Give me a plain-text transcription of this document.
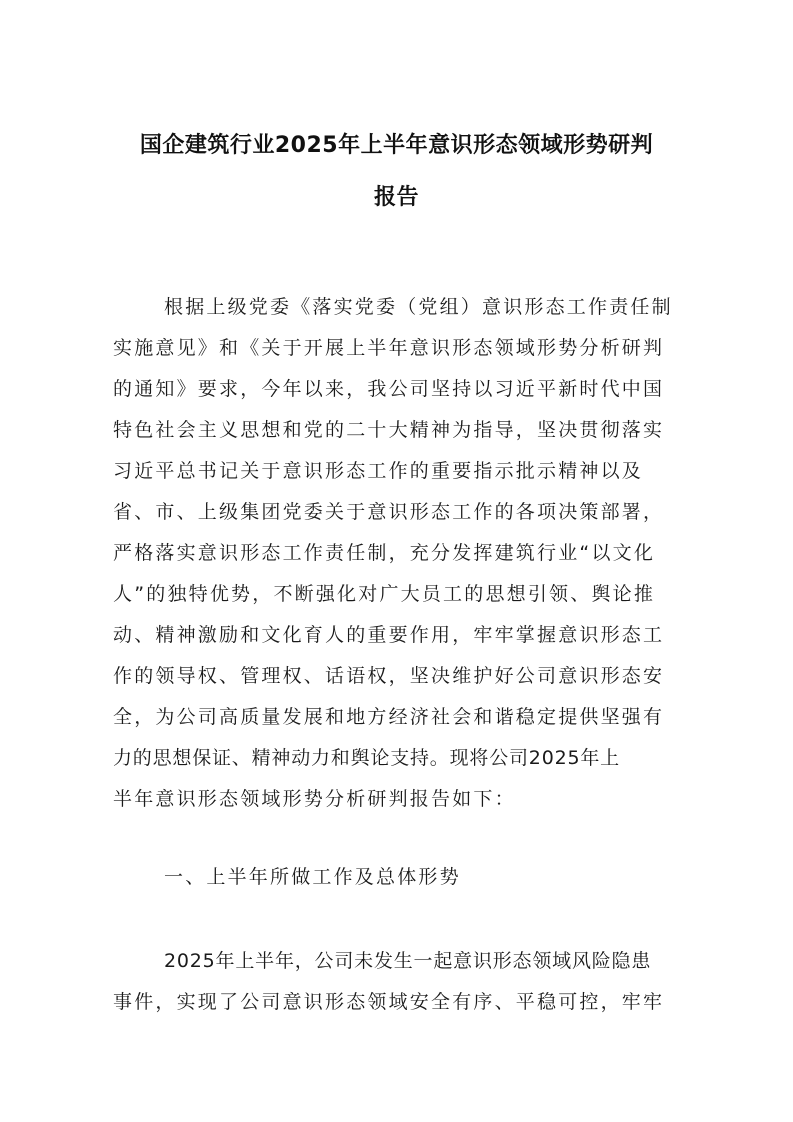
国企建筑行业2025年上半年意识形态领域形势研判
报告
根据上级党委《落实党委（党组）意识形态工作责任制
实施意见》和《关于开展上半年意识形态领域形势分析研判
的通知》要求，今年以来，我公司坚持以习近平新时代中国
特色社会主义思想和党的二十大精神为指导，坚决贯彻落实
习近平总书记关于意识形态工作的重要指示批示精神以及
省、市、上级集团党委关于意识形态工作的各项决策部署，
严格落实意识形态工作责任制，充分发挥建筑行业“以文化
人”的独特优势，不断强化对广大员工的思想引领、舆论推
动、精神激励和文化育人的重要作用，牢牢掌握意识形态工
作的领导权、管理权、话语权，坚决维护好公司意识形态安
全，为公司高质量发展和地方经济社会和谐稳定提供坚强有
力的思想保证、精神动力和舆论支持。现将公司2025年上
半年意识形态领域形势分析研判报告如下：
一、上半年所做工作及总体形势
2025年上半年，公司未发生一起意识形态领域风险隐患
事件，实现了公司意识形态领域安全有序、平稳可控，牢牢
